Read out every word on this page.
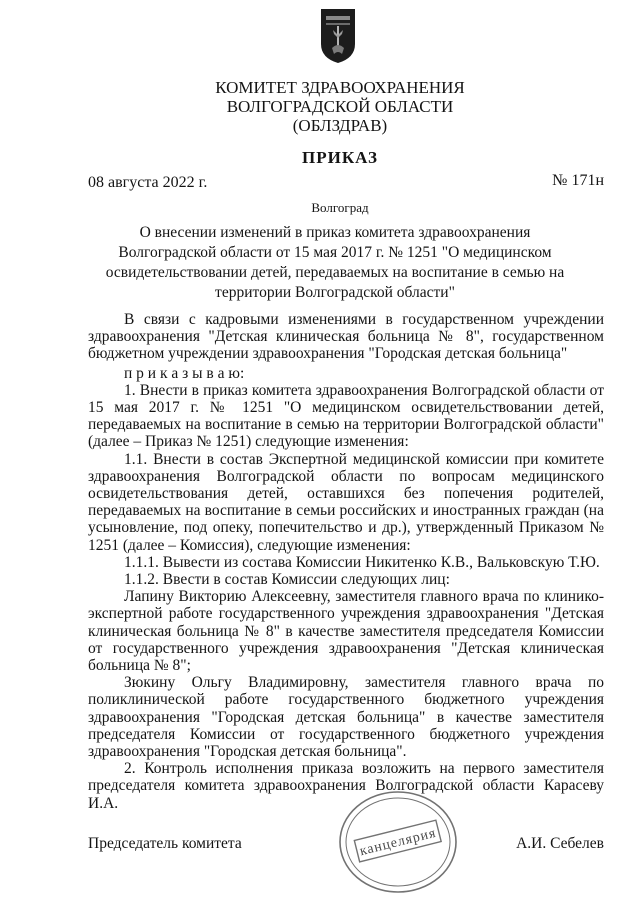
КОМИТЕТ ЗДРАВООХРАНЕНИЯ
ВОЛГОГРАДСКОЙ ОБЛАСТИ
(ОБЛЗДРАВ)
ПРИКАЗ
08 августа 2022 г.	№ 171н
Волгоград
О внесении изменений в приказ комитета здравоохранения Волгоградской области от 15 мая 2017 г. № 1251 "О медицинском освидетельствовании детей, передаваемых на воспитание в семью на территории Волгоградской области"

В связи с кадровыми изменениями в государственном учреждении здравоохранения "Детская клиническая больница № 8", государственном бюджетном учреждении здравоохранения "Городская детская больница"

п р и к а з ы в а ю:

1. Внести в приказ комитета здравоохранения Волгоградской области от 15 мая 2017 г. № 1251 "О медицинском освидетельствовании детей, передаваемых на воспитание в семью на территории Волгоградской области" (далее – Приказ № 1251) следующие изменения:

1.1. Внести в состав Экспертной медицинской комиссии при комитете здравоохранения Волгоградской области по вопросам медицинского освидетельствования детей, оставшихся без попечения родителей, передаваемых на воспитание в семьи российских и иностранных граждан (на усыновление, под опеку, попечительство и др.), утвержденный Приказом № 1251 (далее – Комиссия), следующие изменения:

1.1.1. Вывести из состава Комиссии Никитенко К.В., Вальковскую Т.Ю.

1.1.2. Ввести в состав Комиссии следующих лиц:

Лапину Викторию Алексеевну, заместителя главного врача по клинико-экспертной работе государственного учреждения здравоохранения "Детская клиническая больница № 8" в качестве заместителя председателя Комиссии от государственного учреждения здравоохранения "Детская клиническая больница № 8";

Зюкину Ольгу Владимировну, заместителя главного врача по поликлинической работе государственного бюджетного учреждения здравоохранения "Городская детская больница" в качестве заместителя председателя Комиссии от государственного бюджетного учреждения здравоохранения "Городская детская больница".

2. Контроль исполнения приказа возложить на первого заместителя председателя комитета здравоохранения Волгоградской области Карасеву И.А.

Председатель комитета	А.И. Себелев
канцелярия
